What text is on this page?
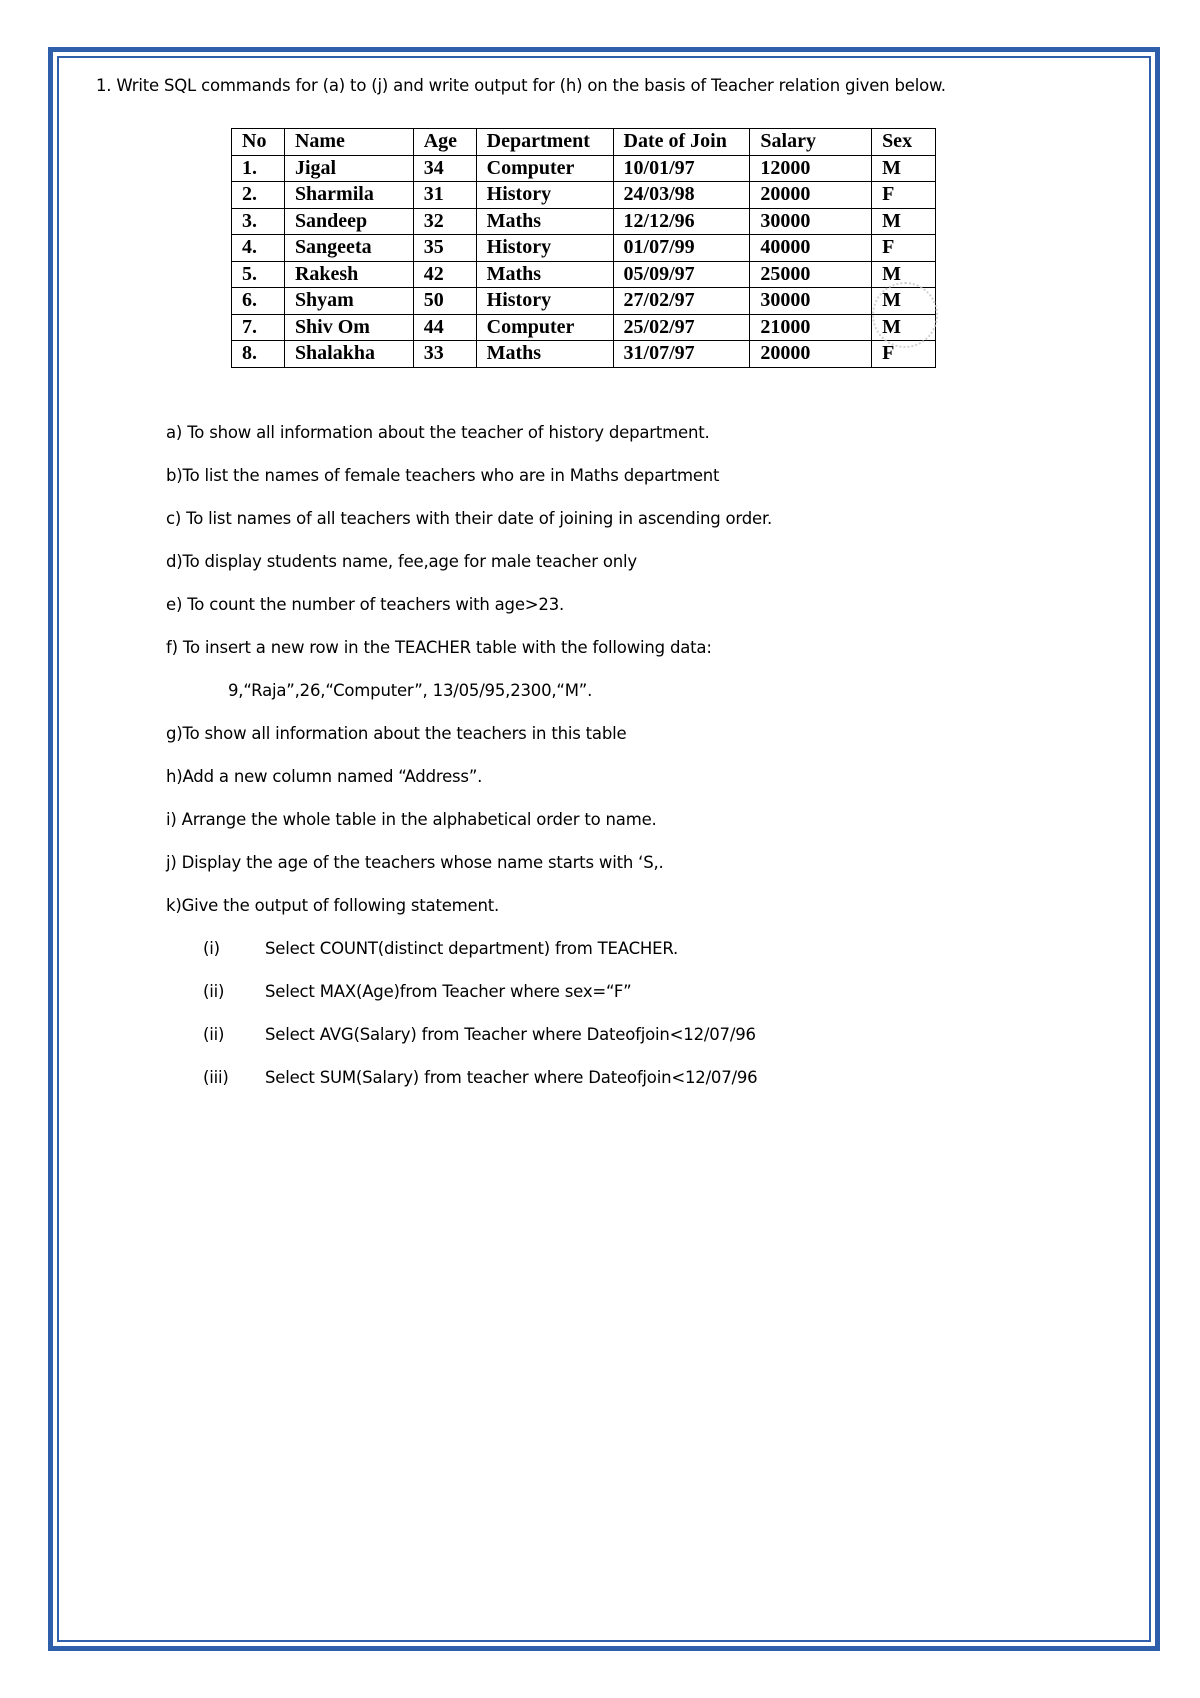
1. Write SQL commands for (a) to (j) and write output for (h) on the basis of Teacher relation given below.
No	Name	Age	Department	Date of Join	Salary	Sex
1.	Jigal	34	Computer	10/01/97	12000	M
2.	Sharmila	31	History	24/03/98	20000	F
3.	Sandeep	32	Maths	12/12/96	30000	M
4.	Sangeeta	35	History	01/07/99	40000	F
5.	Rakesh	42	Maths	05/09/97	25000	M
6.	Shyam	50	History	27/02/97	30000	M
7.	Shiv Om	44	Computer	25/02/97	21000	M
8.	Shalakha	33	Maths	31/07/97	20000	F
a) To show all information about the teacher of history department.
b)To list the names of female teachers who are in Maths department
c) To list names of all teachers with their date of joining in ascending order.
d)To display students name, fee,age for male teacher only
e) To count the number of teachers with age>23.
f) To insert a new row in the TEACHER table with the following data:
9,“Raja”,26,“Computer”, 13/05/95,2300,“M”.
g)To show all information about the teachers in this table
h)Add a new column named “Address”.
i) Arrange the whole table in the alphabetical order to name.
j) Display the age of the teachers whose name starts with ‘S,.
k)Give the output of following statement.
(i)	Select COUNT(distinct department) from TEACHER.
(ii) Select MAX(Age)from Teacher where sex=“F”
(ii) Select AVG(Salary) from Teacher where Dateofjoin<12/07/96
(iii) Select SUM(Salary) from teacher where Dateofjoin<12/07/96
